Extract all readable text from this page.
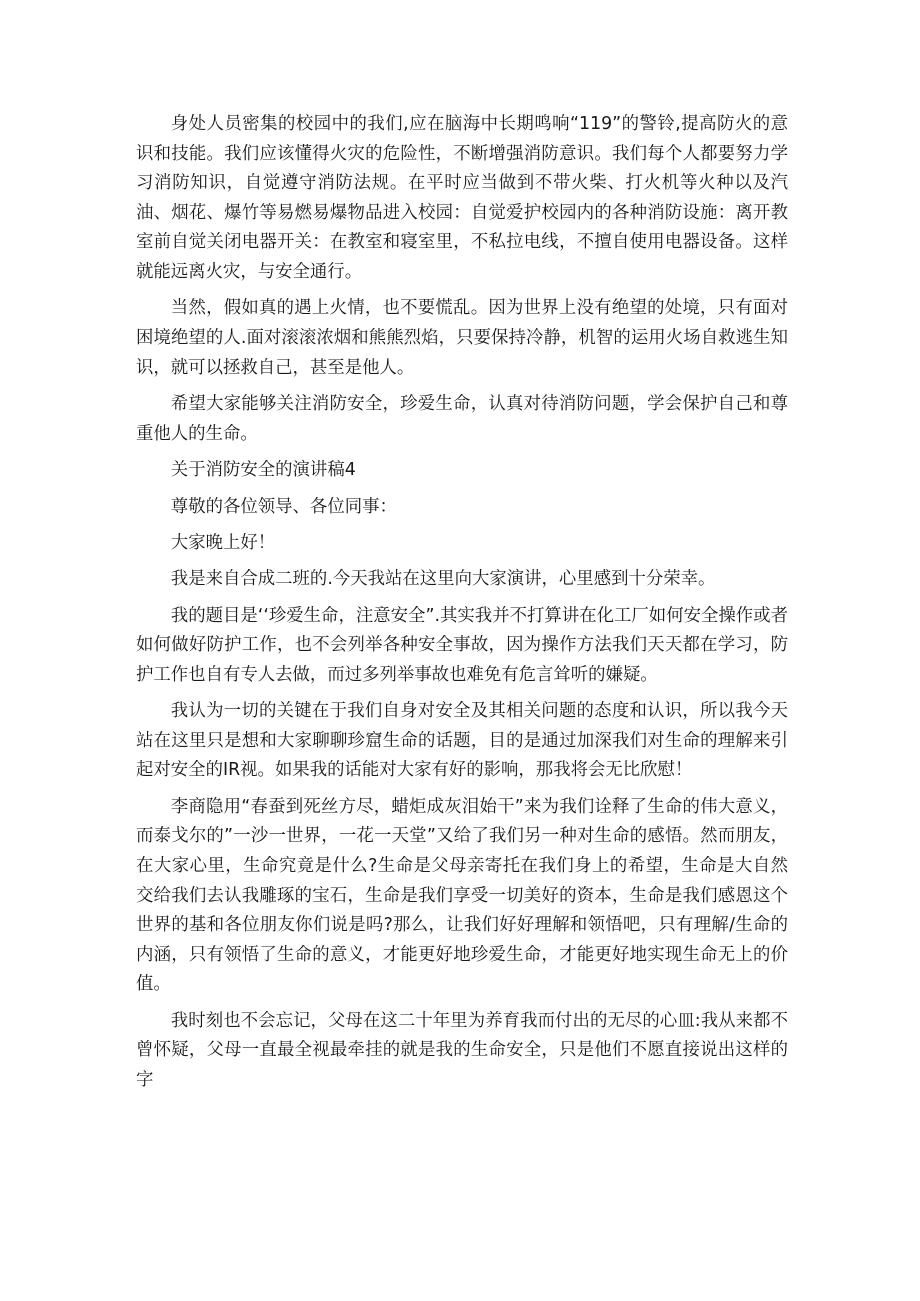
身处人员密集的校园中的我们,应在脑海中长期鸣响“119”的警铃,提高防火的意识和技能。我们应该懂得火灾的危险性，不断增强消防意识。我们每个人都要努力学习消防知识，自觉遵守消防法规。在平时应当做到不带火柴、打火机等火种以及汽油、烟花、爆竹等易燃易爆物品进入校园：自觉爱护校园内的各种消防设施：离开教室前自觉关闭电器开关：在教室和寝室里，不私拉电线，不擅自使用电器设备。这样就能远离火灾，与安全通行。

当然，假如真的遇上火情，也不要慌乱。因为世界上没有绝望的处境，只有面对困境绝望的人.面对滚滚浓烟和熊熊烈焰，只要保持冷静，机智的运用火场自救逃生知识，就可以拯救自己，甚至是他人。

希望大家能够关注消防安全，珍爱生命，认真对待消防问题，学会保护自己和尊重他人的生命。

关于消防安全的演讲稿4

尊敬的各位领导、各位同事：

大家晚上好！

我是来自合成二班的.今天我站在这里向大家演讲，心里感到十分荣幸。

我的题目是‘‘珍爱生命，注意安全”.其实我并不打算讲在化工厂如何安全操作或者如何做好防护工作，也不会列举各种安全事故，因为操作方法我们天天都在学习，防护工作也自有专人去做，而过多列举事故也难免有危言耸听的嫌疑。

我认为一切的关键在于我们自身对安全及其相关问题的态度和认识，所以我今天站在这里只是想和大家聊聊珍窟生命的话题，目的是通过加深我们对生命的理解来引起对安全的IR视。如果我的话能对大家有好的影响，那我将会无比欣慰！

李商隐用“春蚕到死丝方尽，蜡炬成灰泪始干”来为我们诠释了生命的伟大意义，而泰戈尔的”一沙一世界，一花一天堂”又给了我们另一种对生命的感悟。然而朋友，在大家心里，生命究竟是什么?生命是父母亲寄托在我们身上的希望，生命是大自然交给我们去认我雕琢的宝石，生命是我们享受一切美好的资本，生命是我们感恩这个世界的基和各位朋友你们说是吗?那么，让我们好好理解和领悟吧，只有理解/生命的内涵，只有领悟了生命的意义，才能更好地珍爱生命，才能更好地实现生命无上的价值。

我时刻也不会忘记，父母在这二十年里为养育我而付出的无尽的心皿:我从来都不曾怀疑，父母一直最全视最牵挂的就是我的生命安全，只是他们不愿直接说出这样的字
